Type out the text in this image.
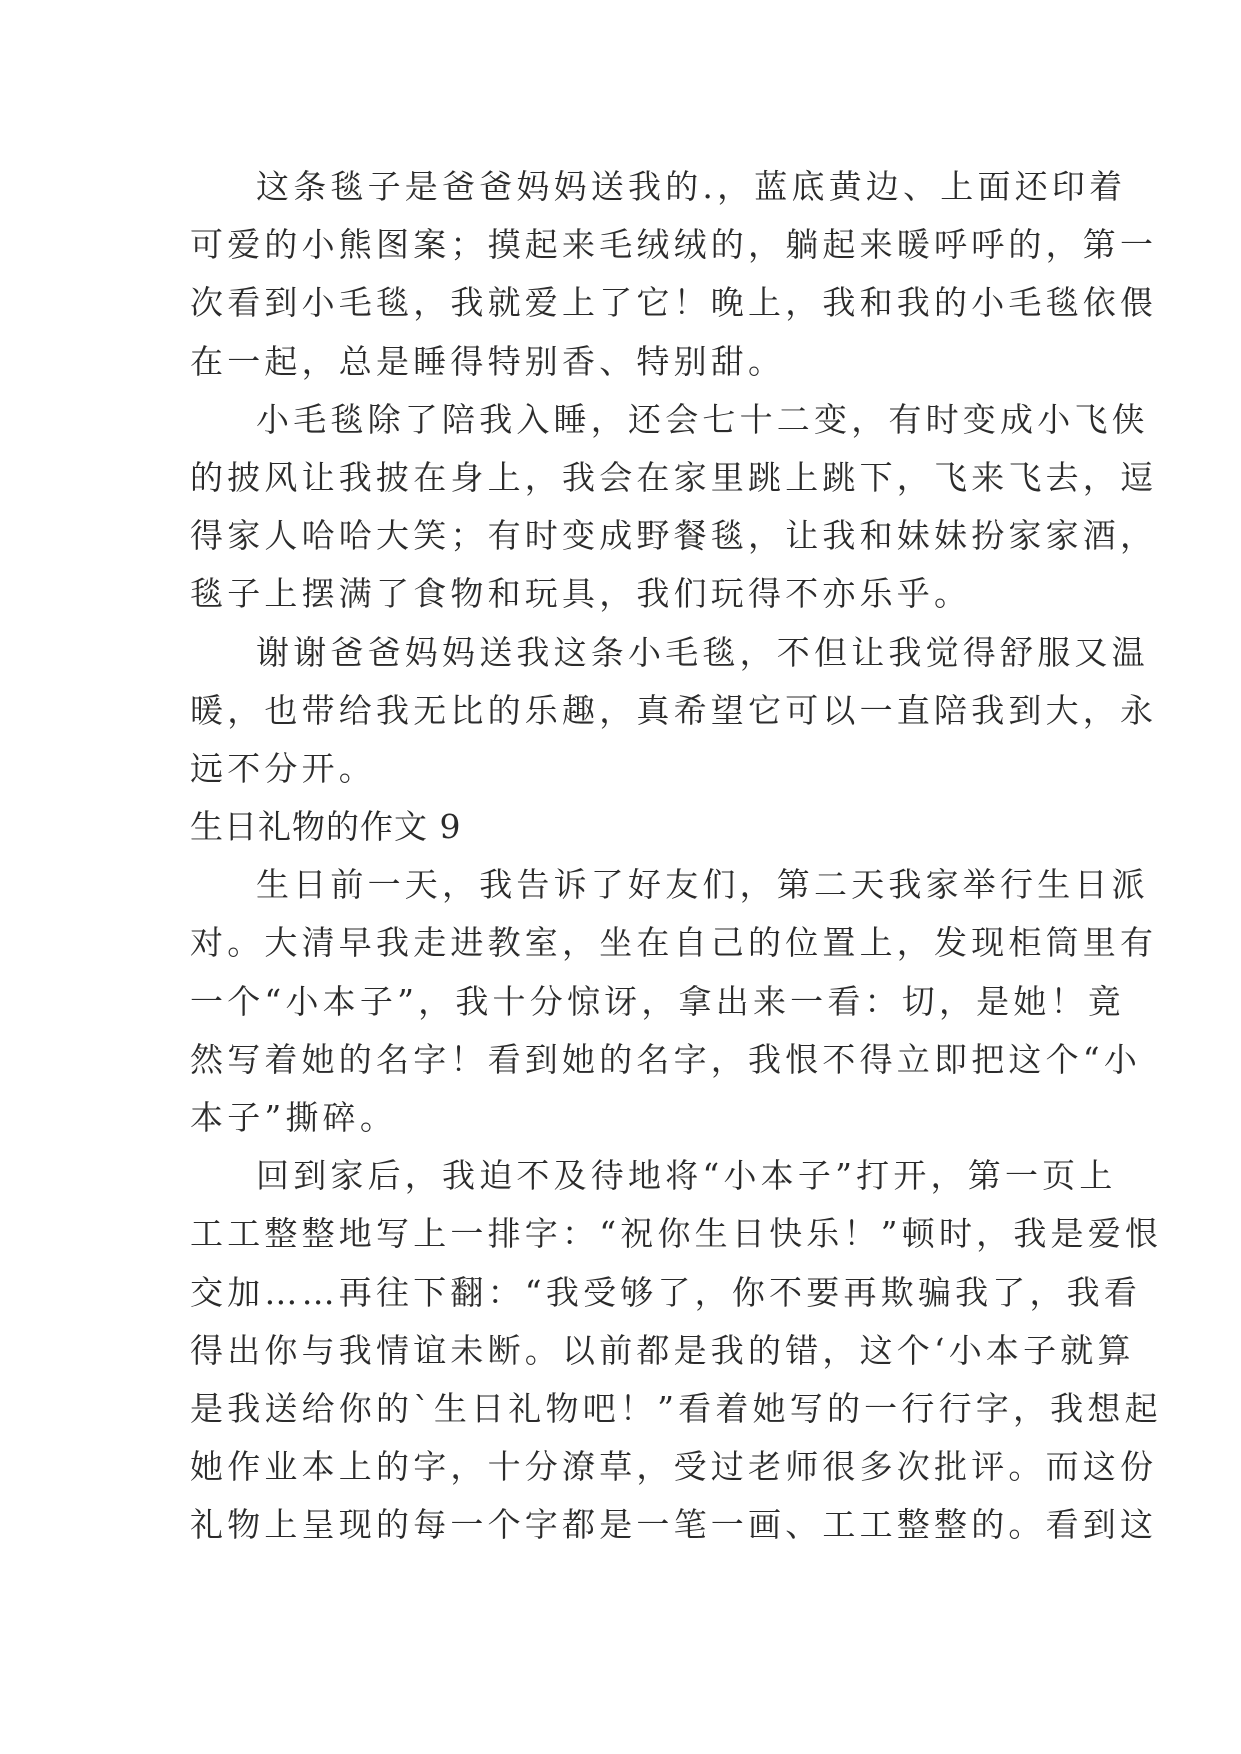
这条毯子是爸爸妈妈送我的.，蓝底黄边、上面还印着
可爱的小熊图案；摸起来毛绒绒的，躺起来暖呼呼的，第一
次看到小毛毯，我就爱上了它！晚上，我和我的小毛毯依偎
在一起，总是睡得特别香、特别甜。
小毛毯除了陪我入睡，还会七十二变，有时变成小飞侠
的披风让我披在身上，我会在家里跳上跳下，飞来飞去，逗
得家人哈哈大笑；有时变成野餐毯，让我和妹妹扮家家酒，
毯子上摆满了食物和玩具，我们玩得不亦乐乎。
谢谢爸爸妈妈送我这条小毛毯，不但让我觉得舒服又温
暖，也带给我无比的乐趣，真希望它可以一直陪我到大，永
远不分开。
生日礼物的作文 9
生日前一天，我告诉了好友们，第二天我家举行生日派
对。大清早我走进教室，坐在自己的位置上，发现柜筒里有
一个“小本子”，我十分惊讶，拿出来一看：切，是她！竟
然写着她的名字！看到她的名字，我恨不得立即把这个“小
本子”撕碎。
回到家后，我迫不及待地将“小本子”打开，第一页上
工工整整地写上一排字：“祝你生日快乐！”顿时，我是爱恨
交加……再往下翻：“我受够了，你不要再欺骗我了，我看
得出你与我情谊未断。以前都是我的错，这个‘小本子就算
是我送给你的`生日礼物吧！”看着她写的一行行字，我想起
她作业本上的字，十分潦草，受过老师很多次批评。而这份
礼物上呈现的每一个字都是一笔一画、工工整整的。看到这
